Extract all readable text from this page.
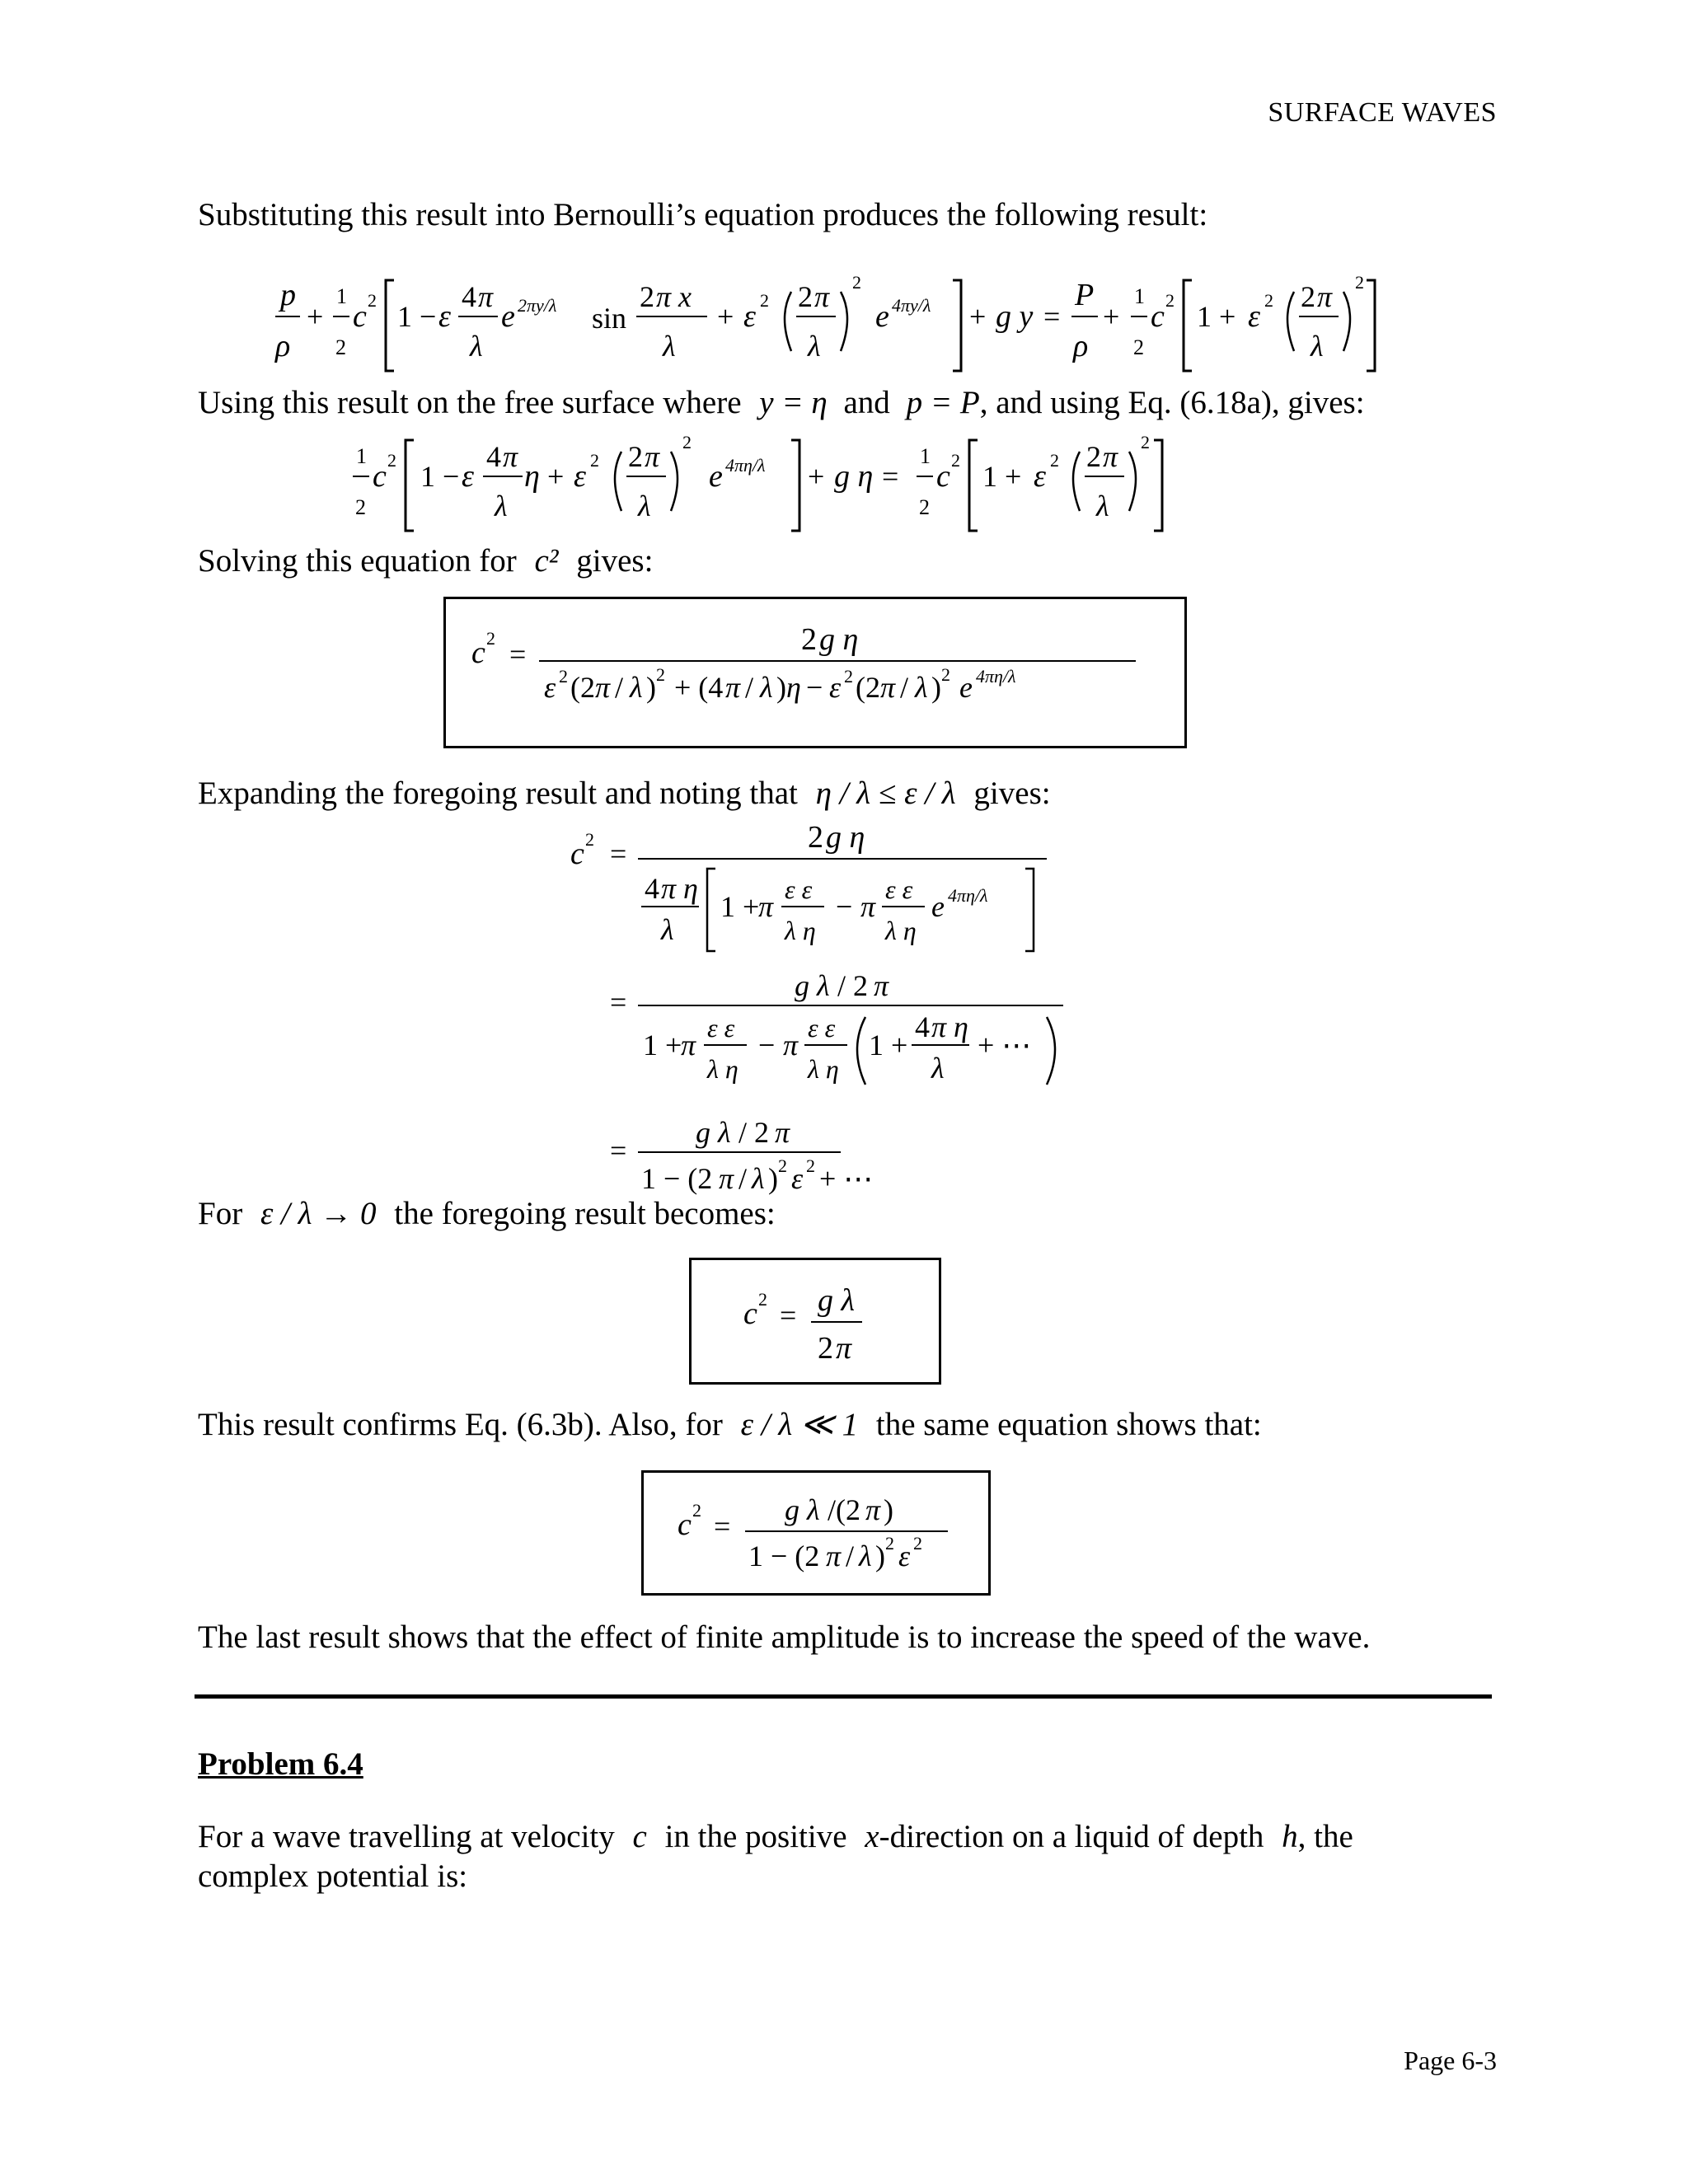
SURFACE WAVES
Substituting this result into Bernoulli’s equation produces the following result:
p
ρ
+
1
2
c 2 1 − ε
4 π
λ
e 2πy/λ sin
2 π x
λ
+ ε 2 2 π
λ
2
e 4πy/λ + g y =
P
ρ
+
1
2
c 2 1 + ε 2 2 π
λ
2
Using this result on the free surface where y = η and p = P, and using Eq. (6.18a), gives:
1
2
c 2 1 − ε
4 π
λ
η + ε 2 2 π
λ
2
e 4πη/λ + g η =
1
2
c 2 1 + ε 2 2 π
λ
2
Solving this equation for c² gives:
c 2 =	2 g η
ε 2 (2 π / λ ) 2 + (4 π / λ ) η − ε 2 (2 π / λ ) 2 e 4πη/λ
Expanding the foregoing result and noting that η / λ ≤ ε / λ gives:
c 2 =	2 g η
4 π η
λ
1 +
π
ε ε
λ η
− π
ε ε
λ η
e 4πη/λ
=	g λ / 2 π
1 +
π
ε ε
λ η
− π
ε ε
λ η
1 +
4 π η
λ
+ ⋯
=
g λ / 2 π
1 − (2 π / λ ) 2 ε 2 + ⋯
For ε / λ → 0 the foregoing result becomes:
c 2 = g λ
2 π
This result confirms Eq. (6.3b). Also, for ε / λ ≪ 1 the same equation shows that:
c 2 = g λ /(2 π )
1 − (2 π / λ ) 2 ε 2
The last result shows that the effect of finite amplitude is to increase the speed of the wave.
Problem 6.4
For a wave travelling at velocity c in the positive x-direction on a liquid of depth h, the
complex potential is:
Page 6-3
